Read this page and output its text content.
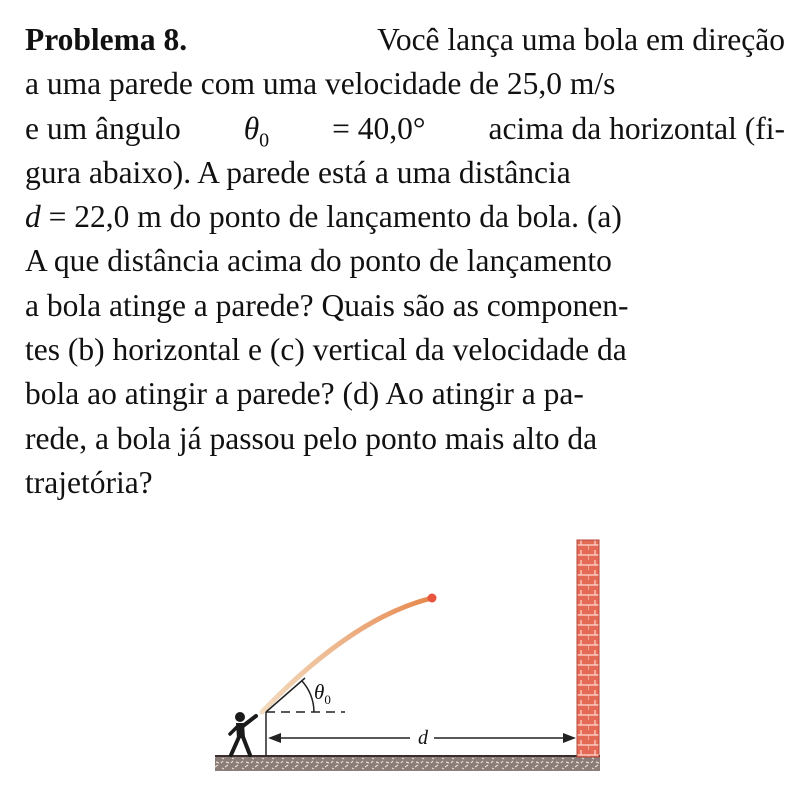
Problema 8.	Você lança uma bola em direção
a uma parede com uma velocidade de 25,0 m/s
e um ângulo $\theta_0 = 40,0^\circ$ acima da horizontal (fi-
gura abaixo). A parede está a uma distância
d = 22,0 m do ponto de lançamento da bola. (a)
A que distância acima do ponto de lançamento
a bola atinge a parede? Quais são as componen-
tes (b) horizontal e (c) vertical da velocidade da
bola ao atingir a parede? (d) Ao atingir a pa-
rede, a bola já passou pelo ponto mais alto da
trajetória?
$\theta_0$
d
